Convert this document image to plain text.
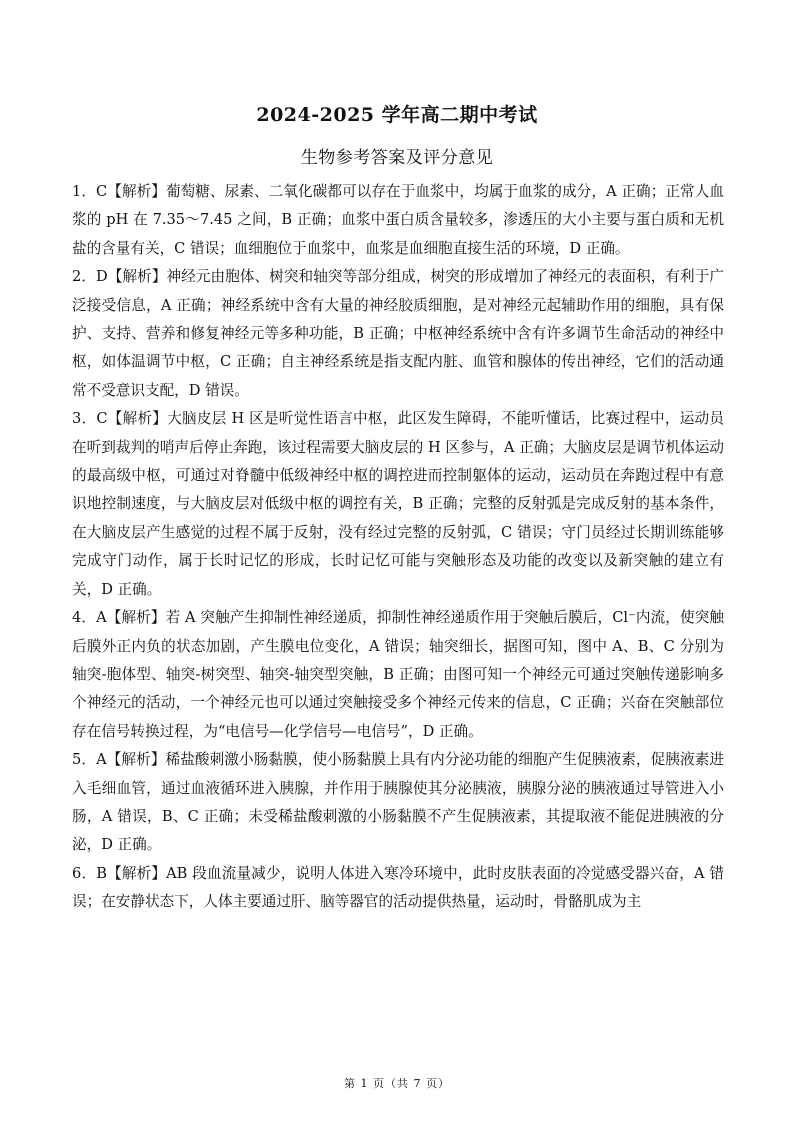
2024-2025 学年高二期中考试
生物参考答案及评分意见

1．C【解析】葡萄糖、尿素、二氧化碳都可以存在于血浆中，均属于血浆的成分，A 正确；正常人血浆的 pH 在 7.35～7.45 之间，B 正确；血浆中蛋白质含量较多，渗透压的大小主要与蛋白质和无机盐的含量有关，C 错误；血细胞位于血浆中，血浆是血细胞直接生活的环境，D 正确。

2．D【解析】神经元由胞体、树突和轴突等部分组成，树突的形成增加了神经元的表面积，有利于广泛接受信息，A 正确；神经系统中含有大量的神经胶质细胞，是对神经元起辅助作用的细胞，具有保护、支持、营养和修复神经元等多种功能，B 正确；中枢神经系统中含有许多调节生命活动的神经中枢，如体温调节中枢，C 正确；自主神经系统是指支配内脏、血管和腺体的传出神经，它们的活动通常不受意识支配，D 错误。

3．C【解析】大脑皮层 H 区是听觉性语言中枢，此区发生障碍，不能听懂话，比赛过程中，运动员在听到裁判的哨声后停止奔跑，该过程需要大脑皮层的 H 区参与，A 正确；大脑皮层是调节机体运动的最高级中枢，可通过对脊髓中低级神经中枢的调控进而控制躯体的运动，运动员在奔跑过程中有意识地控制速度，与大脑皮层对低级中枢的调控有关，B 正确；完整的反射弧是完成反射的基本条件，在大脑皮层产生感觉的过程不属于反射，没有经过完整的反射弧，C 错误；守门员经过长期训练能够完成守门动作，属于长时记忆的形成，长时记忆可能与突触形态及功能的改变以及新突触的建立有关，D 正确。

4．A【解析】若 A 突触产生抑制性神经递质，抑制性神经递质作用于突触后膜后，Cl⁻内流，使突触后膜外正内负的状态加剧，产生膜电位变化，A 错误；轴突细长，据图可知，图中 A、B、C 分别为轴突-胞体型、轴突-树突型、轴突-轴突型突触，B 正确；由图可知一个神经元可通过突触传递影响多个神经元的活动，一个神经元也可以通过突触接受多个神经元传来的信息，C 正确；兴奋在突触部位存在信号转换过程，为“电信号—化学信号—电信号”，D 正确。

5．A【解析】稀盐酸刺激小肠黏膜，使小肠黏膜上具有内分泌功能的细胞产生促胰液素，促胰液素进入毛细血管，通过血液循环进入胰腺，并作用于胰腺使其分泌胰液，胰腺分泌的胰液通过导管进入小肠，A 错误，B、C 正确；未受稀盐酸刺激的小肠黏膜不产生促胰液素，其提取液不能促进胰液的分泌，D 正确。

6．B【解析】AB 段血流量减少，说明人体进入寒冷环境中，此时皮肤表面的冷觉感受器兴奋，A 错误；在安静状态下，人体主要通过肝、脑等器官的活动提供热量，运动时，骨骼肌成为主

第 1 页（共 7 页）
